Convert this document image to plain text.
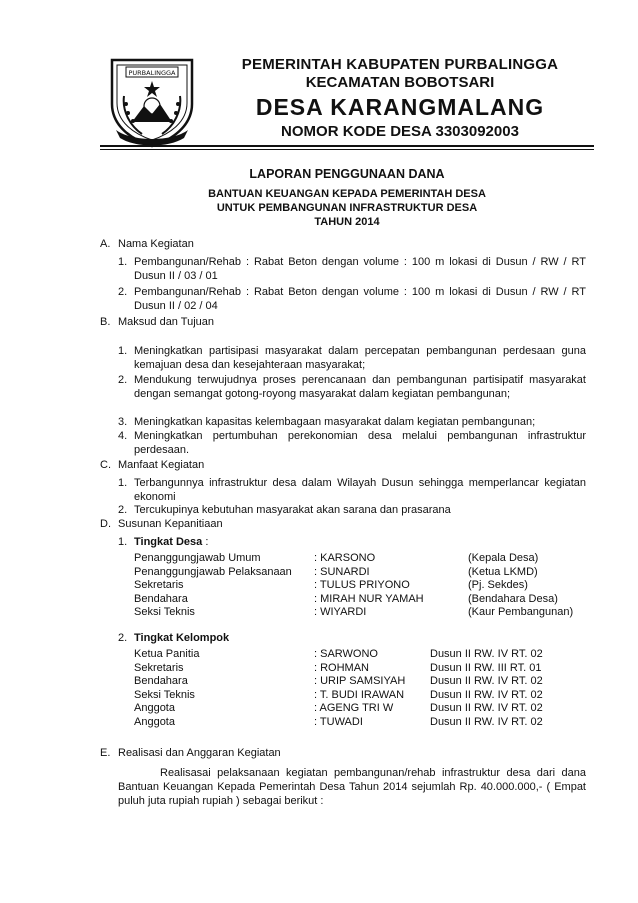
PURBALINGGA	PEMERINTAH KABUPATEN PURBALINGGA
KECAMATAN BOBOTSARI
DESA KARANGMALANG
NOMOR KODE DESA 3303092003
LAPORAN PENGGUNAAN DANA
BANTUAN KEUANGAN KEPADA PEMERINTAH DESA
UNTUK PEMBANGUNAN INFRASTRUKTUR DESA
TAHUN 2014
A. Nama Kegiatan
1. Pembangunan/Rehab : Rabat Beton dengan volume : 100 m lokasi di Dusun / RW / RT Dusun II / 03 / 01
2. Pembangunan/Rehab : Rabat Beton dengan volume : 100 m lokasi di Dusun / RW / RT Dusun II / 02 / 04
B. Maksud dan Tujuan
1. Meningkatkan partisipasi masyarakat dalam percepatan pembangunan perdesaan guna kemajuan desa dan kesejahteraan masyarakat;
2. Mendukung terwujudnya proses perencanaan dan pembangunan partisipatif masyarakat dengan semangat gotong-royong masyarakat dalam kegiatan pembangunan;
3. Meningkatkan kapasitas kelembagaan masyarakat dalam kegiatan pembangunan;
4. Meningkatkan pertumbuhan perekonomian desa melalui pembangunan infrastruktur perdesaan.
C. Manfaat Kegiatan
1. Terbangunnya infrastruktur desa dalam Wilayah Dusun sehingga memperlancar kegiatan ekonomi
2. Tercukupinya kebutuhan masyarakat akan sarana dan prasarana
D. Susunan Kepanitiaan
1. Tingkat Desa :
Penanggungjawab Umum	: KARSONO	(Kepala Desa)
Penanggungjawab Pelaksanaan	: SUNARDI	(Ketua LKMD)
Sekretaris	: TULUS PRIYONO	(Pj. Sekdes)
Bendahara	: MIRAH NUR YAMAH	(Bendahara Desa)
Seksi Teknis	: WIYARDI	(Kaur Pembangunan)
2. Tingkat Kelompok
Ketua Panitia	: SARWONO	Dusun II RW. IV RT. 02
Sekretaris	: ROHMAN	Dusun II RW. III RT. 01
Bendahara	: URIP SAMSIYAH	Dusun II RW. IV RT. 02
Seksi Teknis	: T. BUDI IRAWAN	Dusun II RW. IV RT. 02
Anggota	: AGENG TRI W	Dusun II RW. IV RT. 02
Anggota	: TUWADI	Dusun II RW. IV RT. 02
E. Realisasi dan Anggaran Kegiatan
Realisasai pelaksanaan kegiatan pembangunan/rehab infrastruktur desa dari dana Bantuan Keuangan Kepada Pemerintah Desa Tahun 2014 sejumlah Rp. 40.000.000,- ( Empat puluh juta rupiah rupiah ) sebagai berikut :
